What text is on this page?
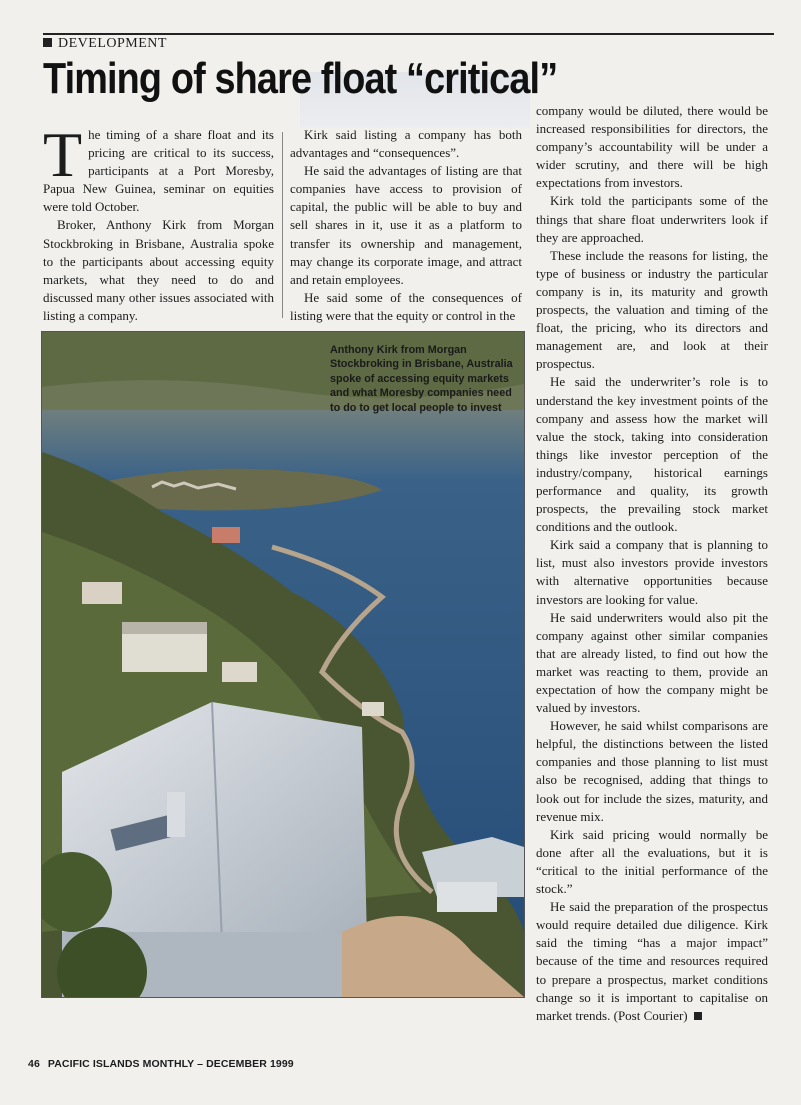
DEVELOPMENT
Timing of share float “critical”

The timing of a share float and its pricing are critical to its success, participants at a Port Moresby, Papua New Guinea, seminar on equities were told October.

Broker, Anthony Kirk from Morgan Stockbroking in Brisbane, Australia spoke to the participants about accessing equity markets, what they need to do and discussed many other issues associated with listing a company.

Kirk said listing a company has both advantages and “consequences”.

He said the advantages of listing are that companies have access to provision of capital, the public will be able to buy and sell shares in it, use it as a platform to transfer its ownership and management, may change its corporate image, and attract and retain employees.

He said some of the consequences of listing were that the equity or control in the

company would be diluted, there would be increased responsibilities for directors, the company’s accountability will be under a wider scrutiny, and there will be high expectations from investors.

Kirk told the participants some of the things that share float underwriters look if they are approached.

These include the reasons for listing, the type of business or industry the particular company is in, its maturity and growth prospects, the valuation and timing of the float, the pricing, who its directors and management are, and look at their prospectus.

He said the underwriter’s role is to understand the key investment points of the company and assess how the market will value the stock, taking into consideration things like investor perception of the industry/company, historical earnings performance and quality, its growth prospects, the prevailing stock market conditions and the outlook.

Kirk said a company that is planning to list, must also investors provide investors with alternative opportunities because investors are looking for value.

He said underwriters would also pit the company against other similar companies that are already listed, to find out how the market was reacting to them, provide an expectation of how the company might be valued by investors.

However, he said whilst comparisons are helpful, the distinctions between the listed companies and those planning to list must also be recognised, adding that things to look out for include the sizes, maturity, and revenue mix.

Kirk said pricing would normally be done after all the evaluations, but it is “critical to the initial performance of the stock.”

He said the preparation of the prospectus would require detailed due diligence. Kirk said the timing “has a major impact” because of the time and resources required to prepare a prospectus, market conditions change so it is important to capitalise on market trends. (Post Courier)

Anthony Kirk from Morgan Stockbroking in Brisbane, Australia spoke of accessing equity markets and what Moresby companies need to do to get local people to invest
46 PACIFIC ISLANDS MONTHLY – DECEMBER 1999
